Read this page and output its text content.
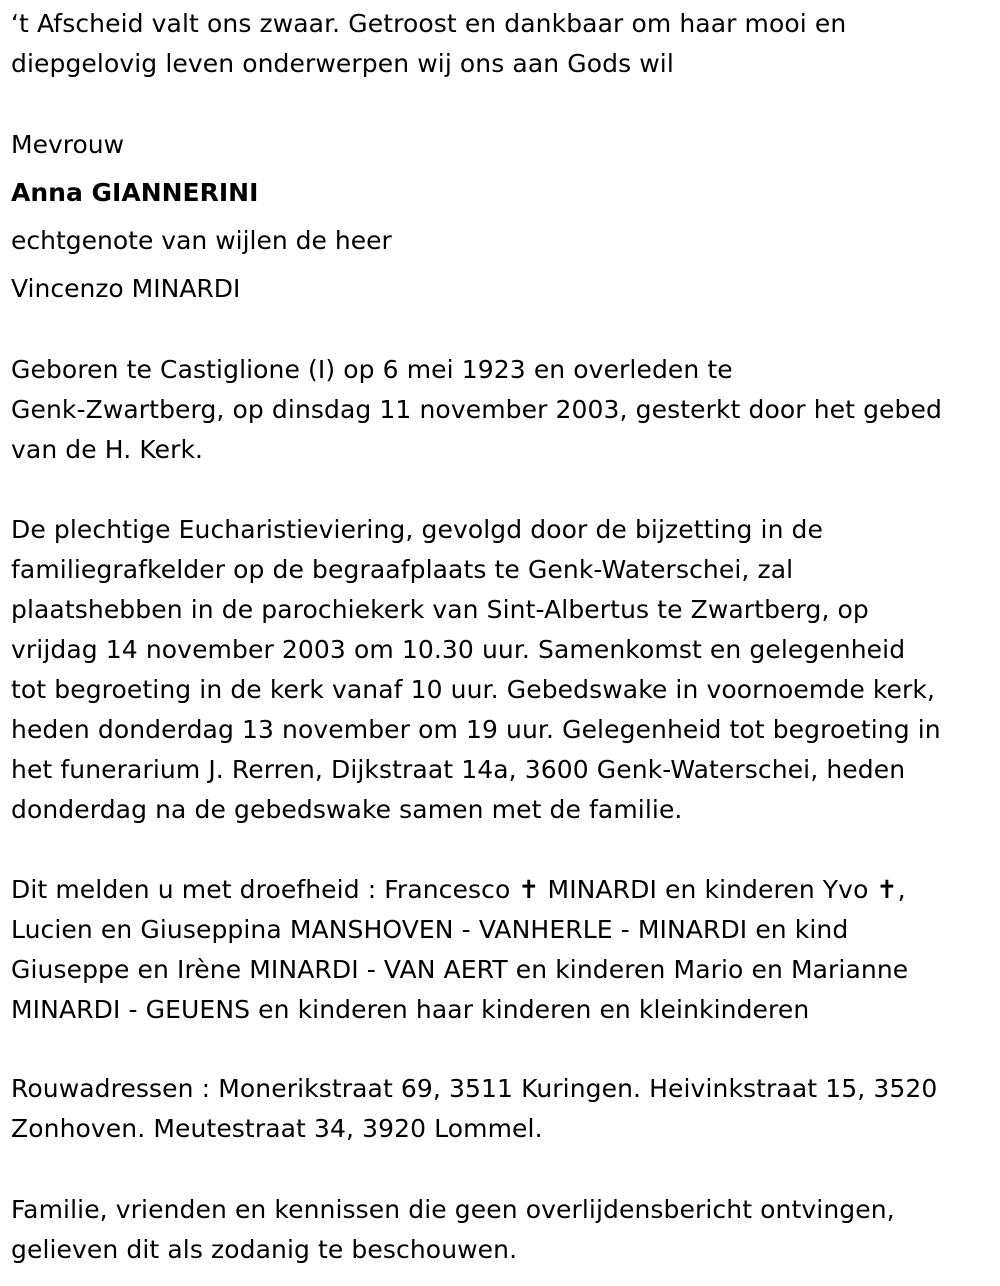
‘t Afscheid valt ons zwaar. Getroost en dankbaar om haar mooi en
diepgelovig leven onderwerpen wij ons aan Gods wil

Mevrouw

Anna GIANNERINI

echtgenote van wijlen de heer

Vincenzo MINARDI

Geboren te Castiglione (I) op 6 mei 1923 en overleden te
Genk-Zwartberg, op dinsdag 11 november 2003, gesterkt door het gebed
van de H. Kerk.

De plechtige Eucharistieviering, gevolgd door de bijzetting in de
familiegrafkelder op de begraafplaats te Genk-Waterschei, zal
plaatshebben in de parochiekerk van Sint-Albertus te Zwartberg, op
vrijdag 14 november 2003 om 10.30 uur. Samenkomst en gelegenheid
tot begroeting in de kerk vanaf 10 uur. Gebedswake in voornoemde kerk,
heden donderdag 13 november om 19 uur. Gelegenheid tot begroeting in
het funerarium J. Rerren, Dijkstraat 14a, 3600 Genk-Waterschei, heden
donderdag na de gebedswake samen met de familie.

Dit melden u met droefheid : Francesco ✝ MINARDI en kinderen Yvo ✝,
Lucien en Giuseppina MANSHOVEN - VANHERLE - MINARDI en kind
Giuseppe en Irène MINARDI - VAN AERT en kinderen Mario en Marianne
MINARDI - GEUENS en kinderen haar kinderen en kleinkinderen

Rouwadressen : Monerikstraat 69, 3511 Kuringen. Heivinkstraat 15, 3520
Zonhoven. Meutestraat 34, 3920 Lommel.

Familie, vrienden en kennissen die geen overlijdensbericht ontvingen,
gelieven dit als zodanig te beschouwen.
